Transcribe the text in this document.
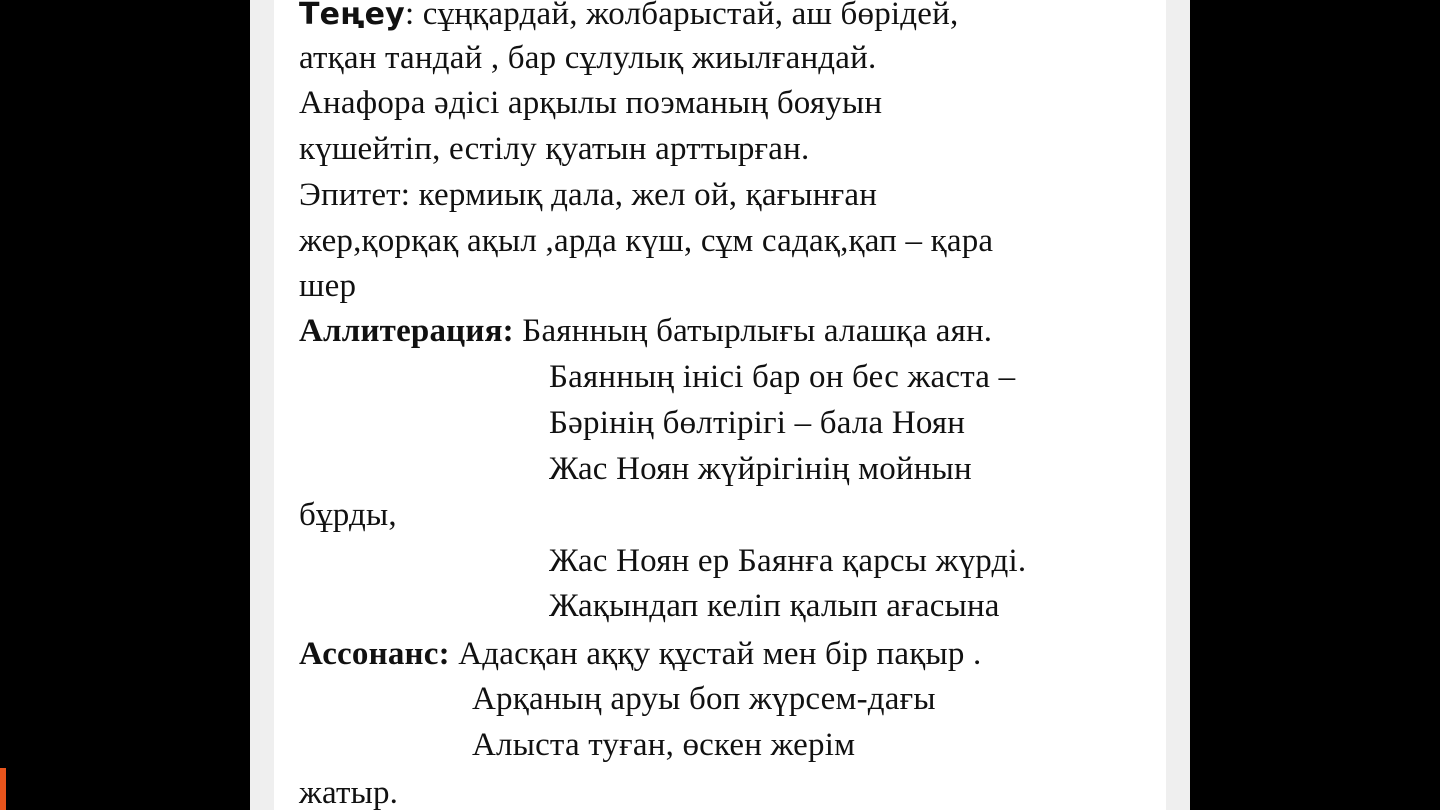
Теңеу: сұңқардай, жолбарыстай, аш бөрідей,
атқан тандай , бар сұлулық жиылғандай.
Анафора әдісі арқылы поэманың бояуын
күшейтіп, естілу қуатын арттырған.
Эпитет: кермиық дала, жел ой, қағынған
жер,қорқақ ақыл ,арда күш, сұм садақ,қап – қара
шер
Аллитерация: Баянның батырлығы алашқа аян.
Баянның інісі бар он бес жаста –
Бәрінің бөлтірігі – бала Ноян
Жас Ноян жүйрігінің мойнын
бұрды,
Жас Ноян ер Баянға қарсы жүрді.
Жақындап келіп қалып ағасына
Ассонанс: Адасқан аққу құстай мен бір пақыр .
Арқаның аруы боп жүрсем-дағы
Алыста туған, өскен жерім
жатыр.
